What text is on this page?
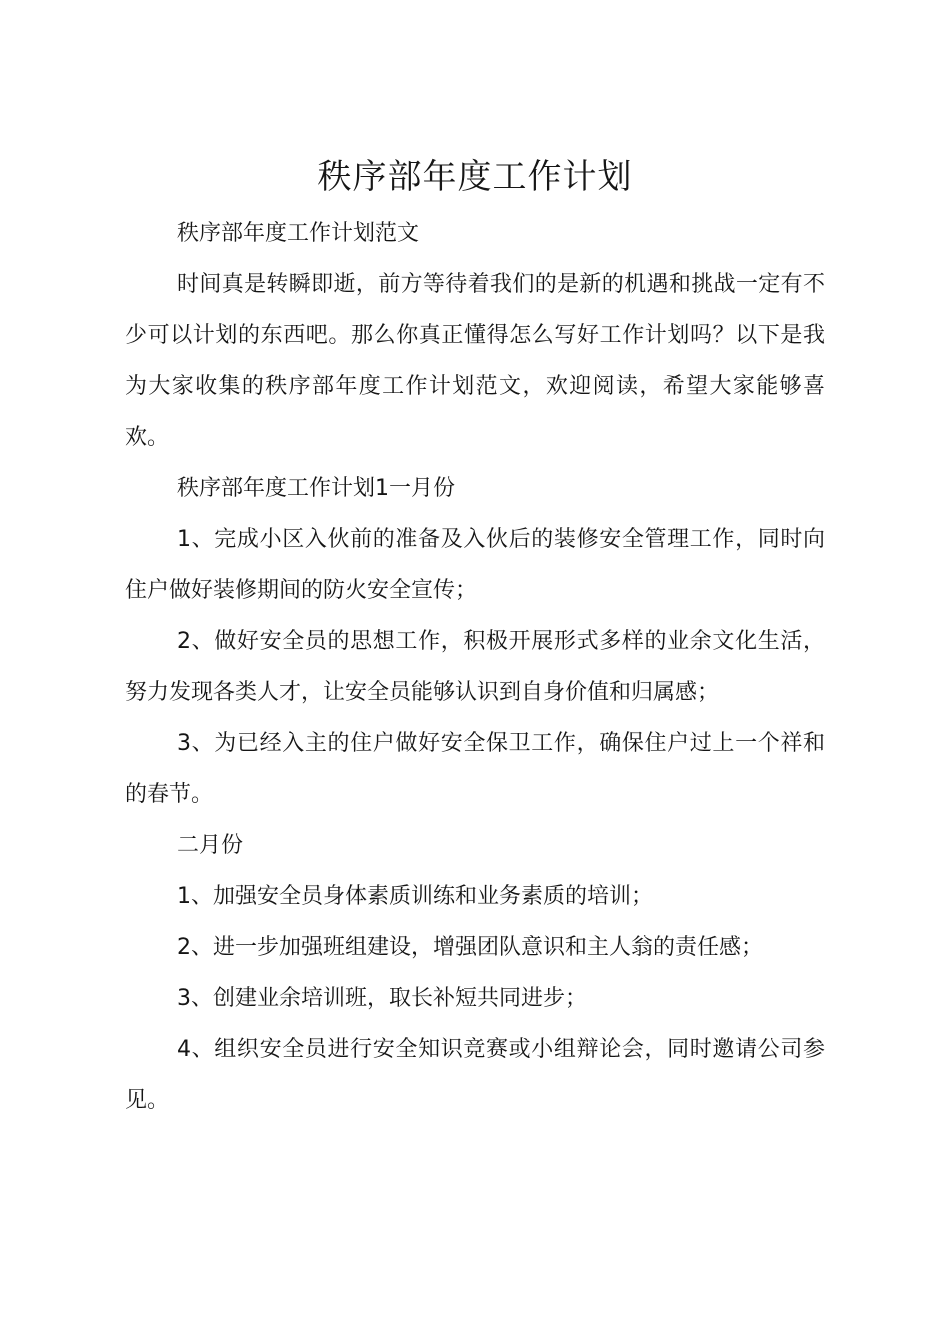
秩序部年度工作计划

秩序部年度工作计划范文

时间真是转瞬即逝，前方等待着我们的是新的机遇和挑战一定有不少可以计划的东西吧。那么你真正懂得怎么写好工作计划吗？以下是我为大家收集的秩序部年度工作计划范文，欢迎阅读，希望大家能够喜欢。

秩序部年度工作计划1一月份

1、完成小区入伙前的准备及入伙后的装修安全管理工作，同时向住户做好装修期间的防火安全宣传；

2、做好安全员的思想工作，积极开展形式多样的业余文化生活，努力发现各类人才，让安全员能够认识到自身价值和归属感；

3、为已经入主的住户做好安全保卫工作，确保住户过上一个祥和的春节。

二月份

1、加强安全员身体素质训练和业务素质的培训；

2、进一步加强班组建设，增强团队意识和主人翁的责任感；

3、创建业余培训班，取长补短共同进步；

4、组织安全员进行安全知识竞赛或小组辩论会，同时邀请公司参见。
